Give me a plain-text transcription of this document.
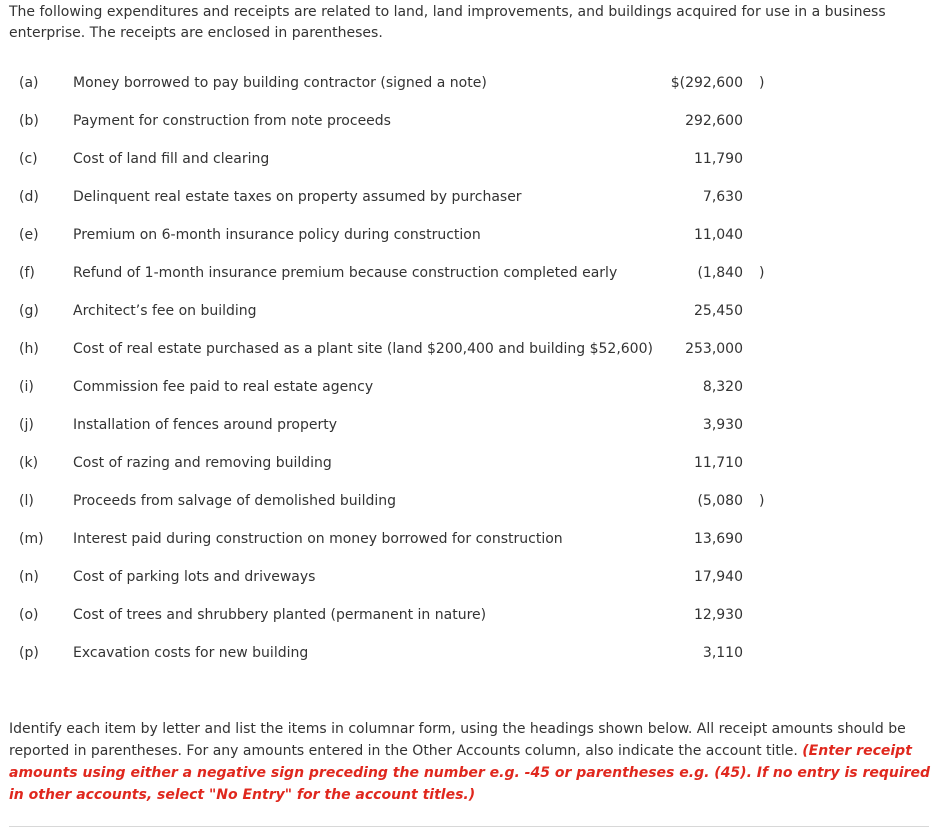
The following expenditures and receipts are related to land, land improvements, and buildings acquired for use in a business enterprise. The receipts are enclosed in parentheses.

(a) Money borrowed to pay building contractor (signed a note)	$(292,600 )
(b) Payment for construction from note proceeds	292,600
(c)	Cost of land fill and clearing	11,790
(d) Delinquent real estate taxes on property assumed by purchaser	7,630
(e) Premium on 6-month insurance policy during construction	11,040
(f)	Refund of 1-month insurance premium because construction completed early	(1,840 )
(g) Architect’s fee on building	25,450
(h) Cost of real estate purchased as a plant site (land $200,400 and building $52,600) 253,000
(i)	Commission fee paid to real estate agency	8,320
(j)	Installation of fences around property	3,930
(k) Cost of razing and removing building	11,710
(l)	Proceeds from salvage of demolished building	(5,080 )
(m) Interest paid during construction on money borrowed for construction	13,690
(n) Cost of parking lots and driveways	17,940
(o) Cost of trees and shrubbery planted (permanent in nature)	12,930
(p) Excavation costs for new building	3,110

Identify each item by letter and list the items in columnar form, using the headings shown below. All receipt amounts should be reported in parentheses. For any amounts entered in the Other Accounts column, also indicate the account title. (Enter receipt amounts using either a negative sign preceding the number e.g. -45 or parentheses e.g. (45). If no entry is required in other accounts, select "No Entry" for the account titles.)
